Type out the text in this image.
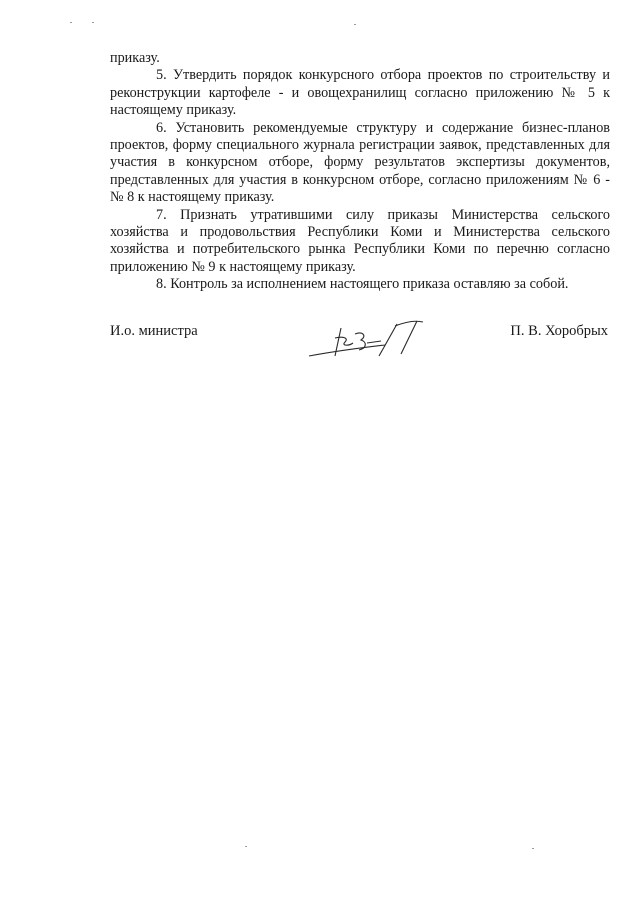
приказу.

5. Утвердить порядок конкурсного отбора проектов по строительству и реконструкции картофеле - и овощехранилищ согласно приложению № 5 к настоящему приказу.

6. Установить рекомендуемые структуру и содержание бизнес-планов проектов, форму специального журнала регистрации заявок, представленных для участия в конкурсном отборе, форму результатов экспертизы документов, представленных для участия в конкурсном отборе, согласно приложениям № 6 - № 8 к настоящему приказу.

7. Признать утратившими силу приказы Министерства сельского хозяйства и продовольствия Республики Коми и Министерства сельского хозяйства и потребительского рынка Республики Коми по перечню согласно приложению № 9 к настоящему приказу.

8. Контроль за исполнением настоящего приказа оставляю за собой.

И.о. министра	П. В. Хоробрых
